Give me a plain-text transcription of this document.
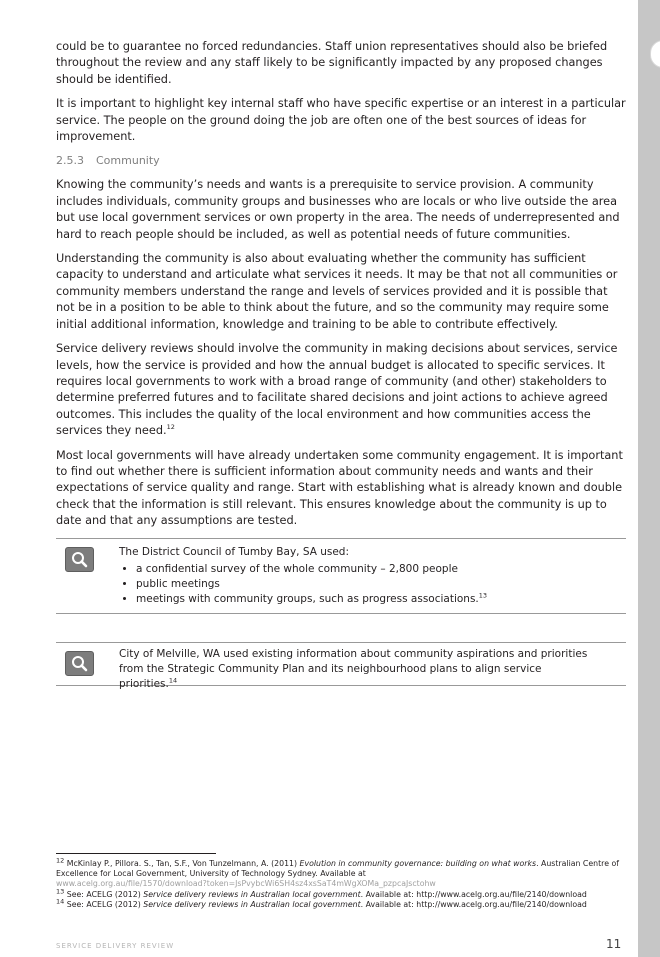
could be to guarantee no forced redundancies. Staff union representatives should also be briefed throughout the review and any staff likely to be significantly impacted by any proposed changes should be identified.

It is important to highlight key internal staff who have specific expertise or an interest in a particular service. The people on the ground doing the job are often one of the best sources of ideas for improvement.

2.5.3 Community

Knowing the community’s needs and wants is a prerequisite to service provision. A community includes individuals, community groups and businesses who are locals or who live outside the area but use local government services or own property in the area. The needs of underrepresented and hard to reach people should be included, as well as potential needs of future communities.

Understanding the community is also about evaluating whether the community has sufficient capacity to understand and articulate what services it needs. It may be that not all communities or community members understand the range and levels of services provided and it is possible that not be in a position to be able to think about the future, and so the community may require some initial additional information, knowledge and training to be able to contribute effectively.

Service delivery reviews should involve the community in making decisions about services, service levels, how the service is provided and how the annual budget is allocated to specific services. It requires local governments to work with a broad range of community (and other) stakeholders to determine preferred futures and to facilitate shared decisions and joint actions to achieve agreed outcomes. This includes the quality of the local environment and how communities access the services they need.$^{12}$

Most local governments will have already undertaken some community engagement. It is important to find out whether there is sufficient information about community needs and wants and their expectations of service quality and range. Start with establishing what is already known and double check that the information is still relevant. This ensures knowledge about the community is up to date and that any assumptions are tested.

The District Council of Tumby Bay, SA used:
• a confidential survey of the whole community – 2,800 people
• public meetings
• meetings with community groups, such as progress associations.$^{13}$
City of Melville, WA used existing information about community aspirations and priorities from the Strategic Community Plan and its neighbourhood plans to align service priorities.$^{14}$

$^{12}$ McKinlay P., Pillora. S., Tan, S.F., Von Tunzelmann, A. (2011) Evolution in community governance: building on what works. Australian Centre of Excellence for Local Government, University of Technology Sydney. Available at
www.acelg.org.au/file/1570/download?token=JsPvybcWi6SH4sz4xsSaT4mWgXOMa_pzpcaJsctohw

$^{13}$ See: ACELG (2012) Service delivery reviews in Australian local government. Available at: http://www.acelg.org.au/file/2140/download

$^{14}$ See: ACELG (2012) Service delivery reviews in Australian local government. Available at: http://www.acelg.org.au/file/2140/download

SERVICE DELIVERY REVIEW	11
